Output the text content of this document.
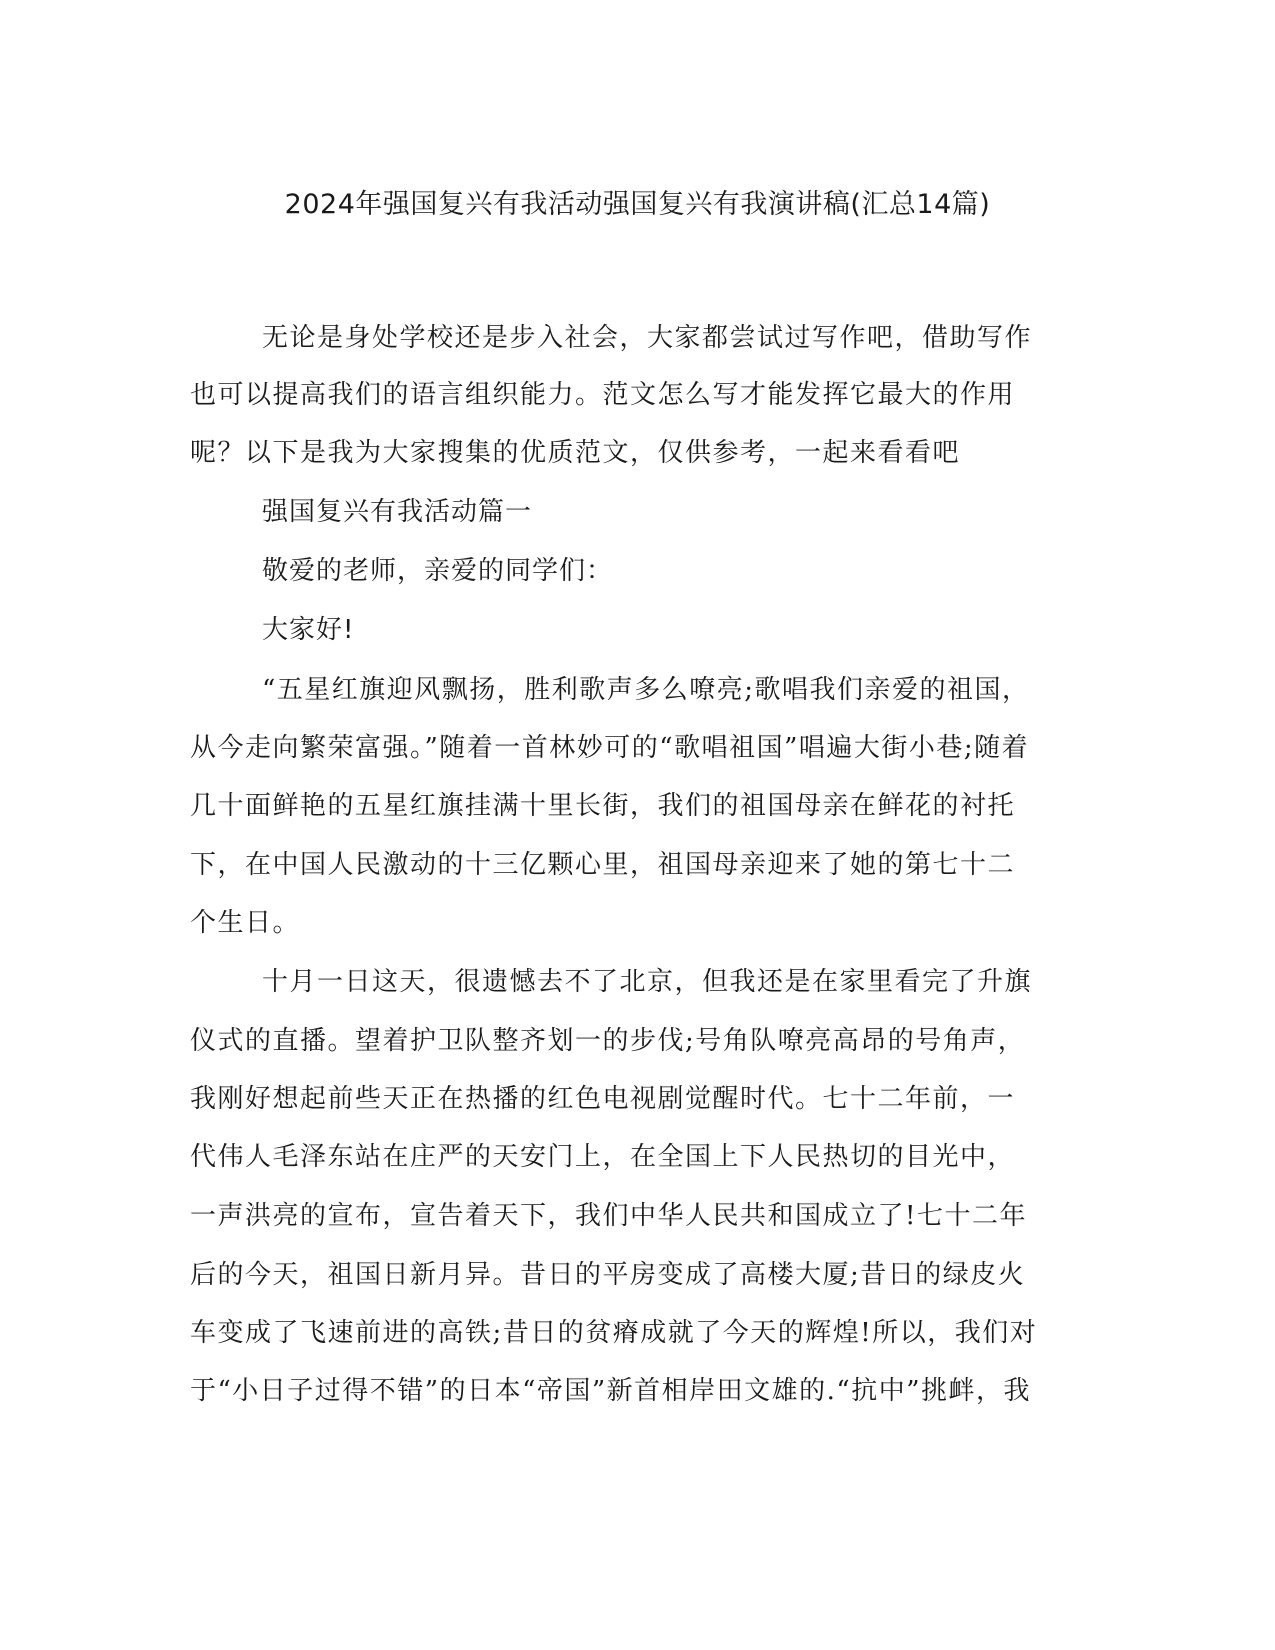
2024年强国复兴有我活动强国复兴有我演讲稿(汇总14篇)

无论是身处学校还是步入社会，大家都尝试过写作吧，借助写作

也可以提高我们的语言组织能力。范文怎么写才能发挥它最大的作用

呢？以下是我为大家搜集的优质范文，仅供参考，一起来看看吧

强国复兴有我活动篇一

敬爱的老师，亲爱的同学们：

大家好!

“五星红旗迎风飘扬，胜利歌声多么嘹亮;歌唱我们亲爱的祖国，

从今走向繁荣富强。”随着一首林妙可的“歌唱祖国”唱遍大街小巷;随着

几十面鲜艳的五星红旗挂满十里长街，我们的祖国母亲在鲜花的衬托

下，在中国人民激动的十三亿颗心里，祖国母亲迎来了她的第七十二

个生日。

十月一日这天，很遗憾去不了北京，但我还是在家里看完了升旗

仪式的直播。望着护卫队整齐划一的步伐;号角队嘹亮高昂的号角声，

我刚好想起前些天正在热播的红色电视剧觉醒时代。七十二年前，一

代伟人毛泽东站在庄严的天安门上，在全国上下人民热切的目光中，

一声洪亮的宣布，宣告着天下，我们中华人民共和国成立了!七十二年

后的今天，祖国日新月异。昔日的平房变成了高楼大厦;昔日的绿皮火

车变成了飞速前进的高铁;昔日的贫瘠成就了今天的辉煌!所以，我们对

于“小日子过得不错”的日本“帝国”新首相岸田文雄的.“抗中”挑衅，我
